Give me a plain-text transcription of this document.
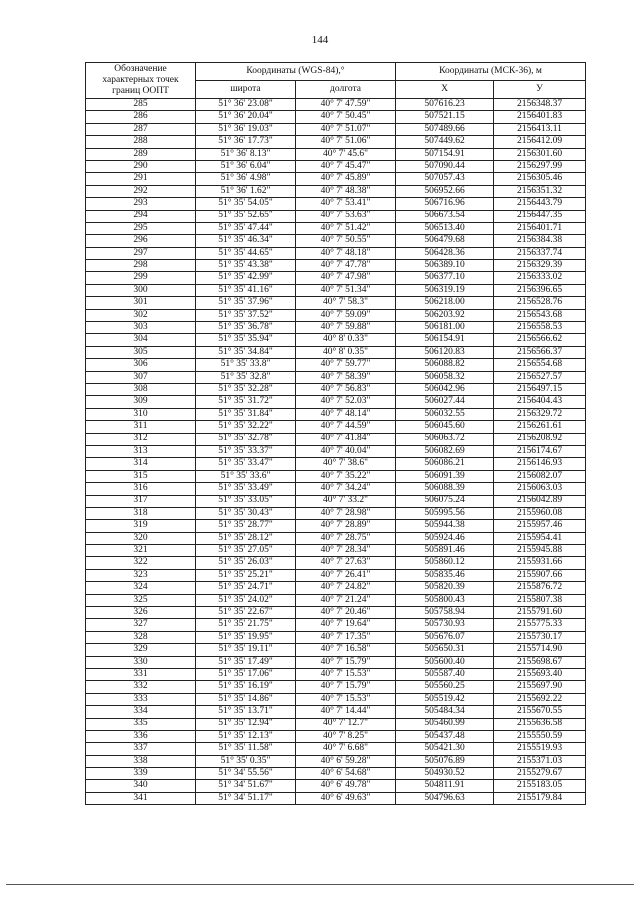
144
Обозначение характерных точек границ ООПТ	Координаты (WGS-84),°		Координаты (МСК-36), м	
	широта	долгота	X	У
285	51° 36' 23.08"	40° 7' 47.59"	507616.23	2156348.37
286	51° 36' 20.04"	40° 7' 50.45"	507521.15	2156401.83
287	51° 36' 19.03"	40° 7' 51.07"	507489.66	2156413.11
288	51° 36' 17.73"	40° 7' 51.06"	507449.62	2156412.09
289	51° 36' 8.13"	40° 7' 45.6"	507154.91	2156301.60
290	51° 36' 6.04"	40° 7' 45.47"	507090.44	2156297.99
291	51° 36' 4.98"	40° 7' 45.89"	507057.43	2156305.46
292	51° 36' 1.62"	40° 7' 48.38"	506952.66	2156351.32
293	51° 35' 54.05"	40° 7' 53.41"	506716.96	2156443.79
294	51° 35' 52.65"	40° 7' 53.63"	506673.54	2156447.35
295	51° 35' 47.44"	40° 7' 51.42"	506513.40	2156401.71
296	51° 35' 46.34"	40° 7' 50.55"	506479.68	2156384.38
297	51° 35' 44.65"	40° 7' 48.18"	506428.36	2156337.74
298	51° 35' 43.38"	40° 7' 47.78"	506389.10	2156329.39
299	51° 35' 42.99"	40° 7' 47.98"	506377.10	2156333.02
300	51° 35' 41.16"	40° 7' 51.34"	506319.19	2156396.65
301	51° 35' 37.96"	40° 7' 58.3"	506218.00	2156528.76
302	51° 35' 37.52"	40° 7' 59.09"	506203.92	2156543.68
303	51° 35' 36.78"	40° 7' 59.88"	506181.00	2156558.53
304	51° 35' 35.94"	40° 8' 0.33"	506154.91	2156566.62
305	51° 35' 34.84"	40° 8' 0.35"	506120.83	2156566.37
306	51° 35' 33.8"	40° 7' 59.77"	506088.82	2156554.68
307	51° 35' 32.8"	40° 7' 58.39"	506058.32	2156527.57
308	51° 35' 32.28"	40° 7' 56.83"	506042.96	2156497.15
309	51° 35' 31.72"	40° 7' 52.03"	506027.44	2156404.43
310	51° 35' 31.84"	40° 7' 48.14"	506032.55	2156329.72
311	51° 35' 32.22"	40° 7' 44.59"	506045.60	2156261.61
312	51° 35' 32.78"	40° 7' 41.84"	506063.72	2156208.92
313	51° 35' 33.37"	40° 7' 40.04"	506082.69	2156174.67
314	51° 35' 33.47"	40° 7' 38.6"	506086.21	2156146.93
315	51° 35' 33.6"	40° 7' 35.22"	506091.39	2156082.07
316	51° 35' 33.49"	40° 7' 34.24"	506088.39	2156063.03
317	51° 35' 33.05"	40° 7' 33.2"	506075.24	2156042.89
318	51° 35' 30.43"	40° 7' 28.98"	505995.56	2155960.08
319	51° 35' 28.77"	40° 7' 28.89"	505944.38	2155957.46
320	51° 35' 28.12"	40° 7' 28.75"	505924.46	2155954.41
321	51° 35' 27.05"	40° 7' 28.34"	505891.46	2155945.88
322	51° 35' 26.03"	40° 7' 27.63"	505860.12	2155931.66
323	51° 35' 25.21"	40° 7' 26.41"	505835.46	2155907.66
324	51° 35' 24.71"	40° 7' 24.82"	505820.39	2155876.72
325	51° 35' 24.02"	40° 7' 21.24"	505800.43	2155807.38
326	51° 35' 22.67"	40° 7' 20.46"	505758.94	2155791.60
327	51° 35' 21.75"	40° 7' 19.64"	505730.93	2155775.33
328	51° 35' 19.95"	40° 7' 17.35"	505676.07	2155730.17
329	51° 35' 19.11"	40° 7' 16.58"	505650.31	2155714.90
330	51° 35' 17.49"	40° 7' 15.79"	505600.40	2155698.67
331	51° 35' 17.06"	40° 7' 15.53"	505587.40	2155693.40
332	51° 35' 16.19"	40° 7' 15.79"	505560.25	2155697.90
333	51° 35' 14.86"	40° 7' 15.53"	505519.42	2155692.22
334	51° 35' 13.71"	40° 7' 14.44"	505484.34	2155670.55
335	51° 35' 12.94"	40° 7' 12.7"	505460.99	2155636.58
336	51° 35' 12.13"	40° 7' 8.25"	505437.48	2155550.59
337	51° 35' 11.58"	40° 7' 6.68"	505421.30	2155519.93
338	51° 35' 0.35"	40° 6' 59.28"	505076.89	2155371.03
339	51° 34' 55.56"	40° 6' 54.68"	504930.52	2155279.67
340	51° 34' 51.67"	40° 6' 49.78"	504811.91	2155183.05
341	51° 34' 51.17"	40° 6' 49.63"	504796.63	2155179.84
